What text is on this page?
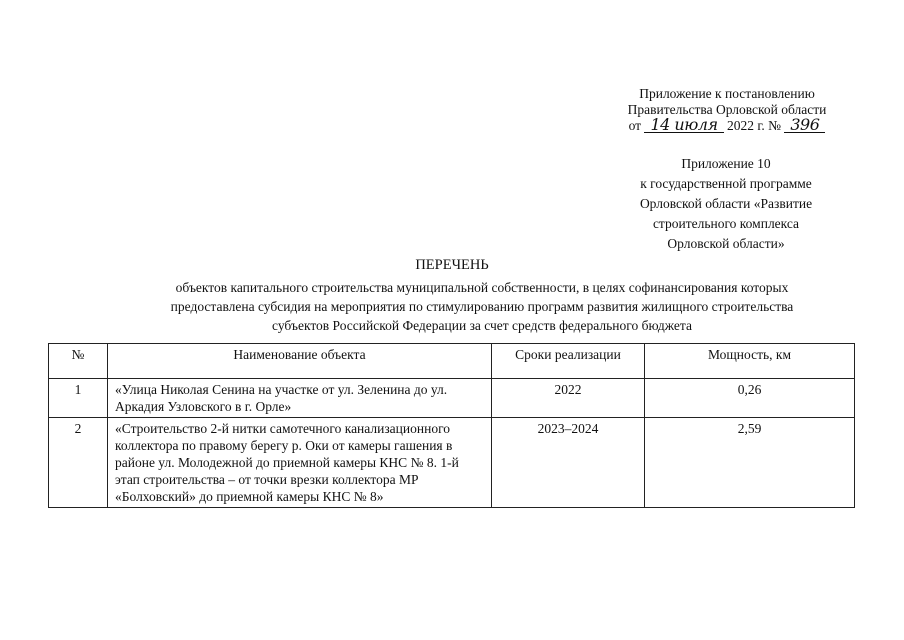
Приложение к постановлению
Правительства Орловской области
от 14 июля 2022 г. № 396
Приложение 10
к государственной программе
Орловской области «Развитие
строительного комплекса
Орловской области»
ПЕРЕЧЕНЬ
объектов капитального строительства муниципальной собственности, в целях софинансирования которых
предоставлена субсидия на мероприятия по стимулированию программ развития жилищного строительства
субъектов Российской Федерации за счет средств федерального бюджета
№	Наименование объекта	Сроки реализации	Мощность, км
1	«Улица Николая Сенина на участке от ул. Зеленина до ул. Аркадия Узловского в г. Орле»	2022	0,26
2	«Строительство 2-й нитки самотечного канализационного коллектора по правому берегу р. Оки от камеры гашения в районе ул. Молодежной до приемной камеры КНС № 8. 1-й этап строительства – от точки врезки коллектора МР «Болховский» до приемной камеры КНС № 8»	2023–2024	2,59
